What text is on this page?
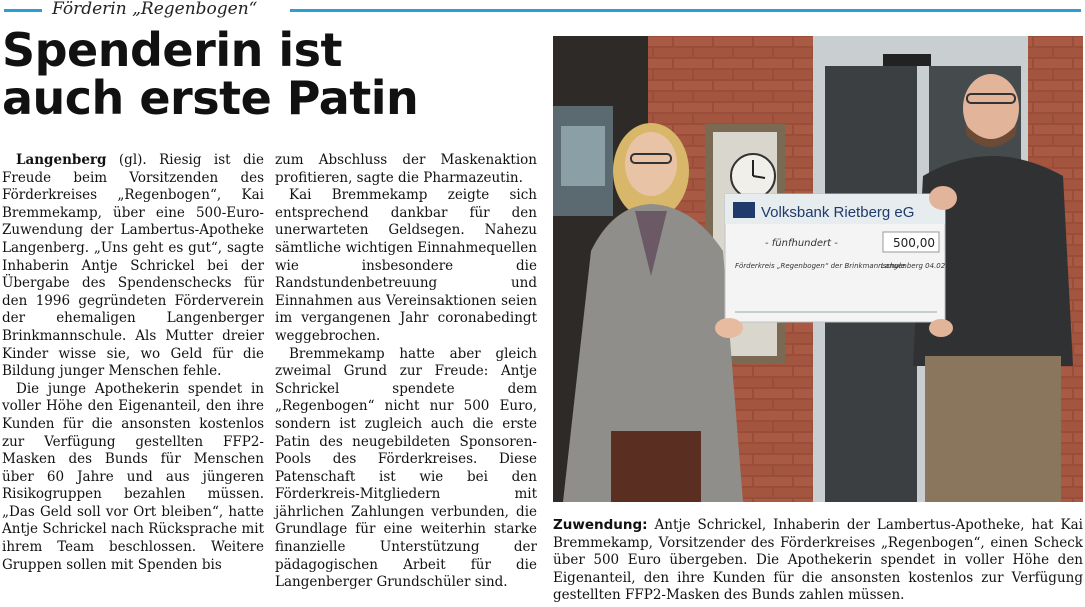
Förderin „Regenbogen“
Spenderin ist
auch erste Patin

Langenberg (gl). Riesig ist die Freude beim Vorsitzenden des Förderkreises „Regenbogen“, Kai Bremmekamp, über eine 500-Euro-Zuwendung der Lambertus-Apotheke Langenberg. „Uns geht es gut“, sagte Inhaberin Antje Schrickel bei der Übergabe des Spendenschecks für den 1996 gegründeten Förderverein der ehemaligen Langenberger Brinkmannschule. Als Mutter dreier Kinder wisse sie, wo Geld für die Bildung junger Menschen fehle.

Die junge Apothekerin spendet in voller Höhe den Eigenanteil, den ihre Kunden für die ansonsten kostenlos zur Verfügung gestellten FFP2-Masken des Bunds für Menschen über 60 Jahre und aus jüngeren Risikogruppen bezahlen müssen. „Das Geld soll vor Ort bleiben“, hatte Antje Schrickel nach Rücksprache mit ihrem Team beschlossen. Weitere Gruppen sollen mit Spenden bis

zum Abschluss der Maskenaktion profitieren, sagte die Pharmazeutin.

Kai Bremmekamp zeigte sich entsprechend dankbar für den unerwarteten Geldsegen. Nahezu sämtliche wichtigen Einnahmequellen wie insbesondere die Randstundenbetreuung und Einnahmen aus Vereinsaktionen seien im vergangenen Jahr coronabedingt weggebrochen.

Bremmekamp hatte aber gleich zweimal Grund zur Freude: Antje Schrickel spendete dem „Regenbogen“ nicht nur 500 Euro, sondern ist zugleich auch die erste Patin des neugebildeten Sponsoren-Pools des Förderkreises. Diese Patenschaft ist wie bei den Förderkreis-Mitgliedern mit jährlichen Zahlungen verbunden, die Grundlage für eine weiterhin starke finanzielle Unterstützung der pädagogischen Arbeit für die Langenberger Grundschüler sind.

Volksbank Rietberg eG
- fünfhundert -	500,00
Förderkreis „Regenbogen“ der Brinkmannschule
Langenberg 04.02.2021
Zuwendung: Antje Schrickel, Inhaberin der Lambertus-Apotheke, hat Kai Bremmekamp, Vorsitzender des Förderkreises „Regenbogen“, einen Scheck über 500 Euro übergeben. Die Apothekerin spendet in voller Höhe den Eigenanteil, den ihre Kunden für die ansonsten kostenlos zur Verfügung gestellten FFP2-Masken des Bunds zahlen müssen.
